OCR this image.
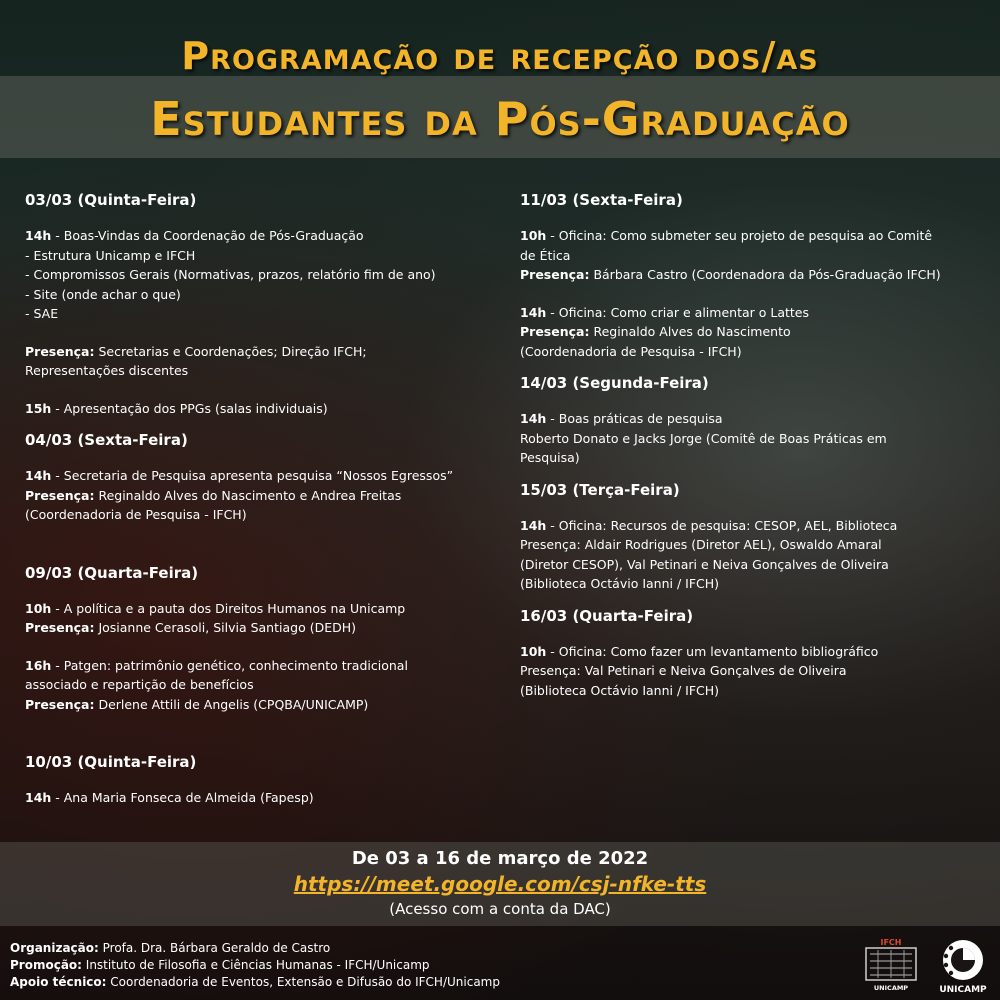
Programação de recepção dos/as
Estudantes da Pós-Graduação
03/03 (Quinta-Feira)
14h - Boas-Vindas da Coordenação de Pós-Graduação
- Estrutura Unicamp e IFCH
- Compromissos Gerais (Normativas, prazos, relatório fim de ano)
- Site (onde achar o que)
- SAE
Presença: Secretarias e Coordenações; Direção IFCH;
Representações discentes
15h - Apresentação dos PPGs (salas individuais)
04/03 (Sexta-Feira)
14h - Secretaria de Pesquisa apresenta pesquisa “Nossos Egressos”
Presença: Reginaldo Alves do Nascimento e Andrea Freitas
(Coordenadoria de Pesquisa - IFCH)
09/03 (Quarta-Feira)
10h - A política e a pauta dos Direitos Humanos na Unicamp
Presença: Josianne Cerasoli, Silvia Santiago (DEDH)
16h - Patgen: patrimônio genético, conhecimento tradicional
associado e repartição de benefícios
Presença: Derlene Attili de Angelis (CPQBA/UNICAMP)
10/03 (Quinta-Feira)
14h - Ana Maria Fonseca de Almeida (Fapesp)
11/03 (Sexta-Feira)
10h - Oficina: Como submeter seu projeto de pesquisa ao Comitê
de Ética
Presença: Bárbara Castro (Coordenadora da Pós-Graduação IFCH)
14h - Oficina: Como criar e alimentar o Lattes
Presença: Reginaldo Alves do Nascimento
(Coordenadoria de Pesquisa - IFCH)
14/03 (Segunda-Feira)
14h - Boas práticas de pesquisa
Roberto Donato e Jacks Jorge (Comitê de Boas Práticas em
Pesquisa)
15/03 (Terça-Feira)
14h - Oficina: Recursos de pesquisa: CESOP, AEL, Biblioteca
Presença: Aldair Rodrigues (Diretor AEL), Oswaldo Amaral
(Diretor CESOP), Val Petinari e Neiva Gonçalves de Oliveira
(Biblioteca Octávio Ianni / IFCH)
16/03 (Quarta-Feira)
10h - Oficina: Como fazer um levantamento bibliográfico
Presença: Val Petinari e Neiva Gonçalves de Oliveira
(Biblioteca Octávio Ianni / IFCH)
De 03 a 16 de março de 2022
https://meet.google.com/csj-nfke-tts
(Acesso com a conta da DAC)
Organização: Profa. Dra. Bárbara Geraldo de Castro
Promoção: Instituto de Filosofia e Ciências Humanas - IFCH/Unicamp
Apoio técnico: Coordenadoria de Eventos, Extensão e Difusão do IFCH/Unicamp
IFCH
UNICAMP	UNICAMP
